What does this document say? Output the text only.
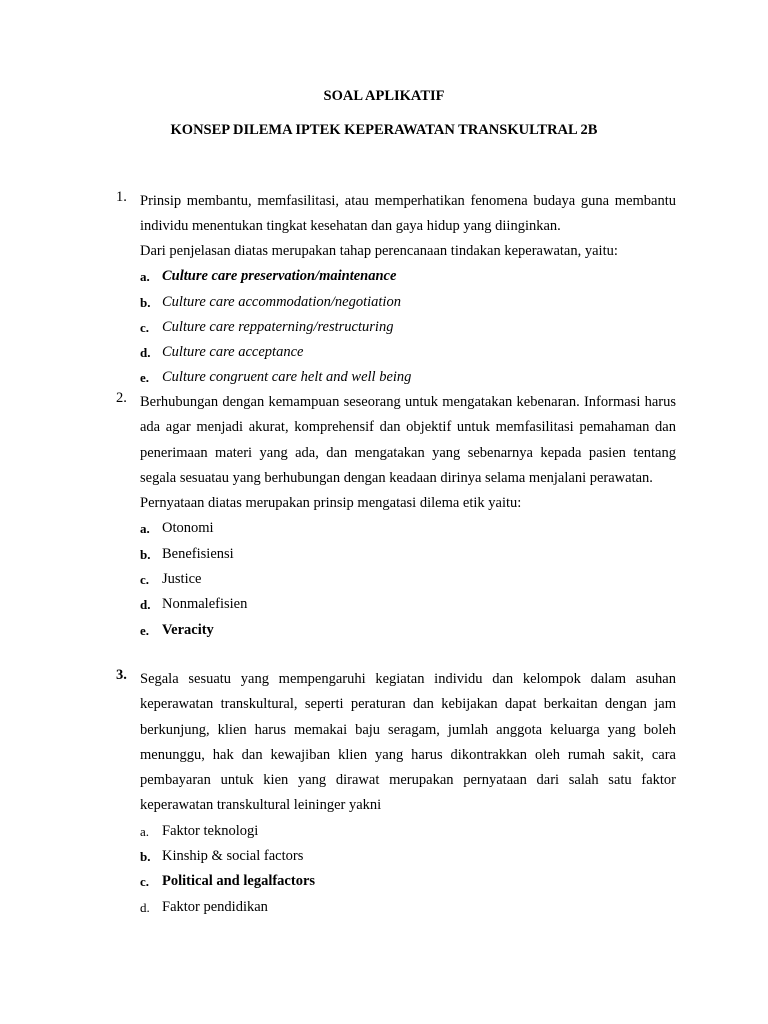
SOAL APLIKATIF
KONSEP DILEMA IPTEK KEPERAWATAN TRANSKULTRAL 2B
1. Prinsip membantu, memfasilitasi, atau memperhatikan fenomena budaya guna membantu individu menentukan tingkat kesehatan dan gaya hidup yang diinginkan.
Dari penjelasan diatas merupakan tahap perencanaan tindakan keperawatan, yaitu:
a. Culture care preservation/maintenance
b. Culture care accommodation/negotiation
c. Culture care reppaterning/restructuring
d. Culture care acceptance
e. Culture congruent care helt and well being
2. Berhubungan dengan kemampuan seseorang untuk mengatakan kebenaran. Informasi harus ada agar menjadi akurat, komprehensif dan objektif untuk memfasilitasi pemahaman dan penerimaan materi yang ada, dan mengatakan yang sebenarnya kepada pasien tentang segala sesuatau yang berhubungan dengan keadaan dirinya selama menjalani perawatan.
Pernyataan diatas merupakan prinsip mengatasi dilema etik yaitu:
a. Otonomi
b. Benefisiensi
c. Justice
d. Nonmalefisien
e. Veracity
3. Segala sesuatu yang mempengaruhi kegiatan individu dan kelompok dalam asuhan keperawatan transkultural, seperti peraturan dan kebijakan dapat berkaitan dengan jam berkunjung, klien harus memakai baju seragam, jumlah anggota keluarga yang boleh menunggu, hak dan kewajiban klien yang harus dikontrakkan oleh rumah sakit, cara pembayaran untuk kien yang dirawat merupakan pernyataan dari salah satu faktor keperawatan transkultural leininger yakni
a. Faktor teknologi
b. Kinship & social factors
c. Political and legalfactors
d. Faktor pendidikan
